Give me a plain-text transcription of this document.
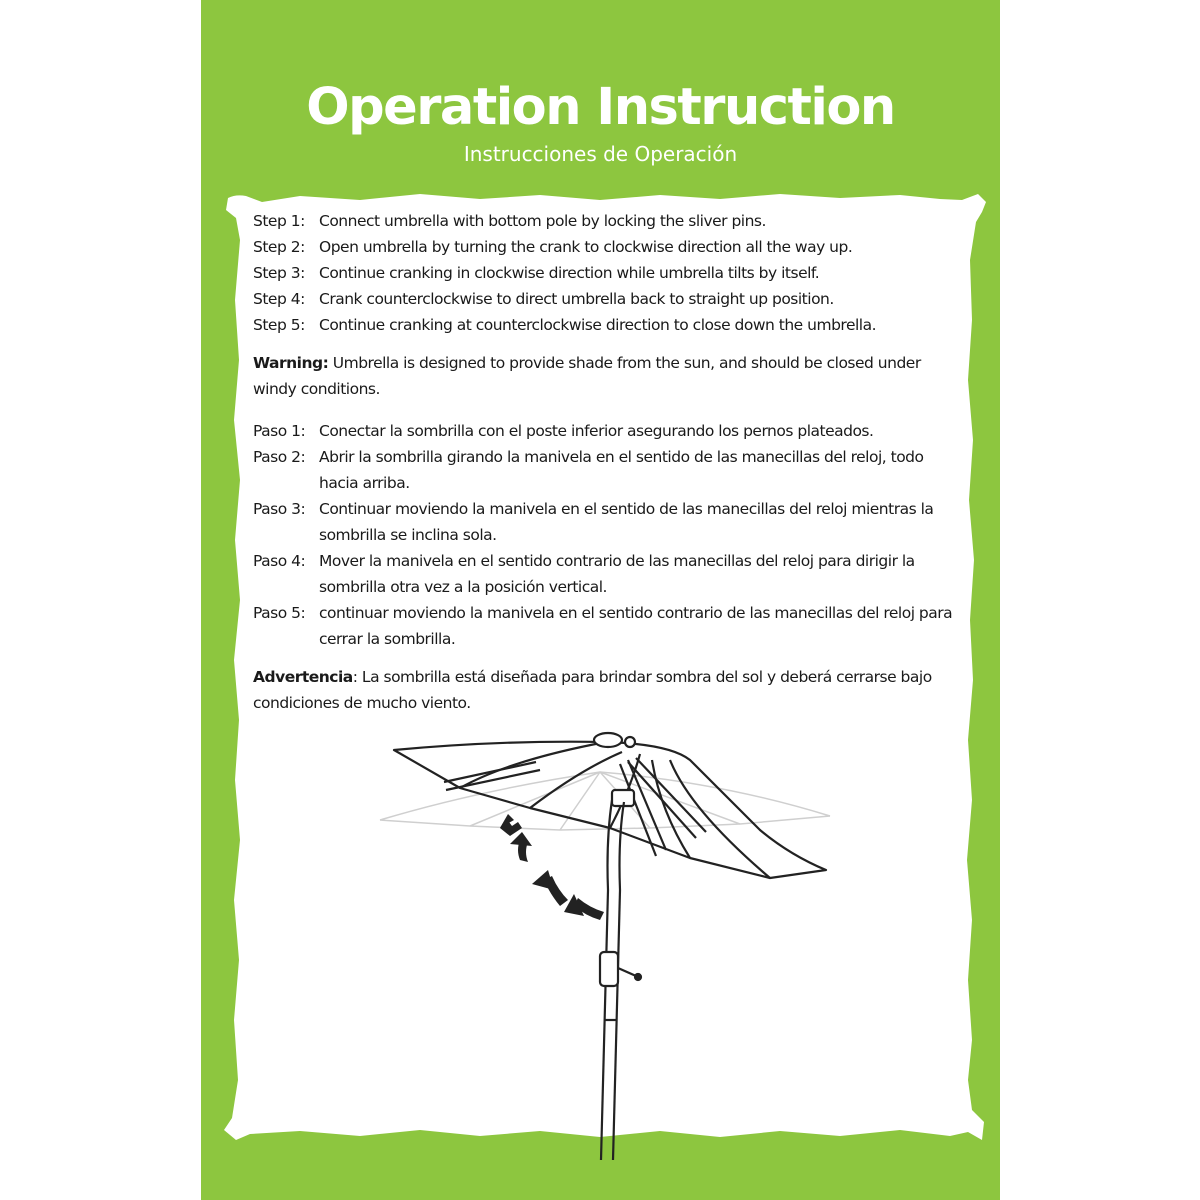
Operation Instruction
Instrucciones de Operación
Step 1: Connect umbrella with bottom pole by locking the sliver pins.
Step 2: Open umbrella by turning the crank to clockwise direction all the way up.
Step 3: Continue cranking in clockwise direction while umbrella tilts by itself.
Step 4: Crank counterclockwise to direct umbrella back to straight up position.
Step 5: Continue cranking at counterclockwise direction to close down the umbrella.
Warning: Umbrella is designed to provide shade from the sun, and should be closed under windy conditions.
Paso 1: Conectar la sombrilla con el poste inferior asegurando los pernos plateados.
Paso 2: Abrir la sombrilla girando la manivela en el sentido de las manecillas del reloj, todo hacia arriba.
Paso 3: Continuar moviendo la manivela en el sentido de las manecillas del reloj mientras la sombrilla se inclina sola.
Paso 4: Mover la manivela en el sentido contrario de las manecillas del reloj para dirigir la sombrilla otra vez a la posición vertical.
Paso 5: continuar moviendo la manivela en el sentido contrario de las manecillas del reloj para cerrar la sombrilla.
Advertencia: La sombrilla está diseñada para brindar sombra del sol y deberá cerrarse bajo condiciones de mucho viento.
